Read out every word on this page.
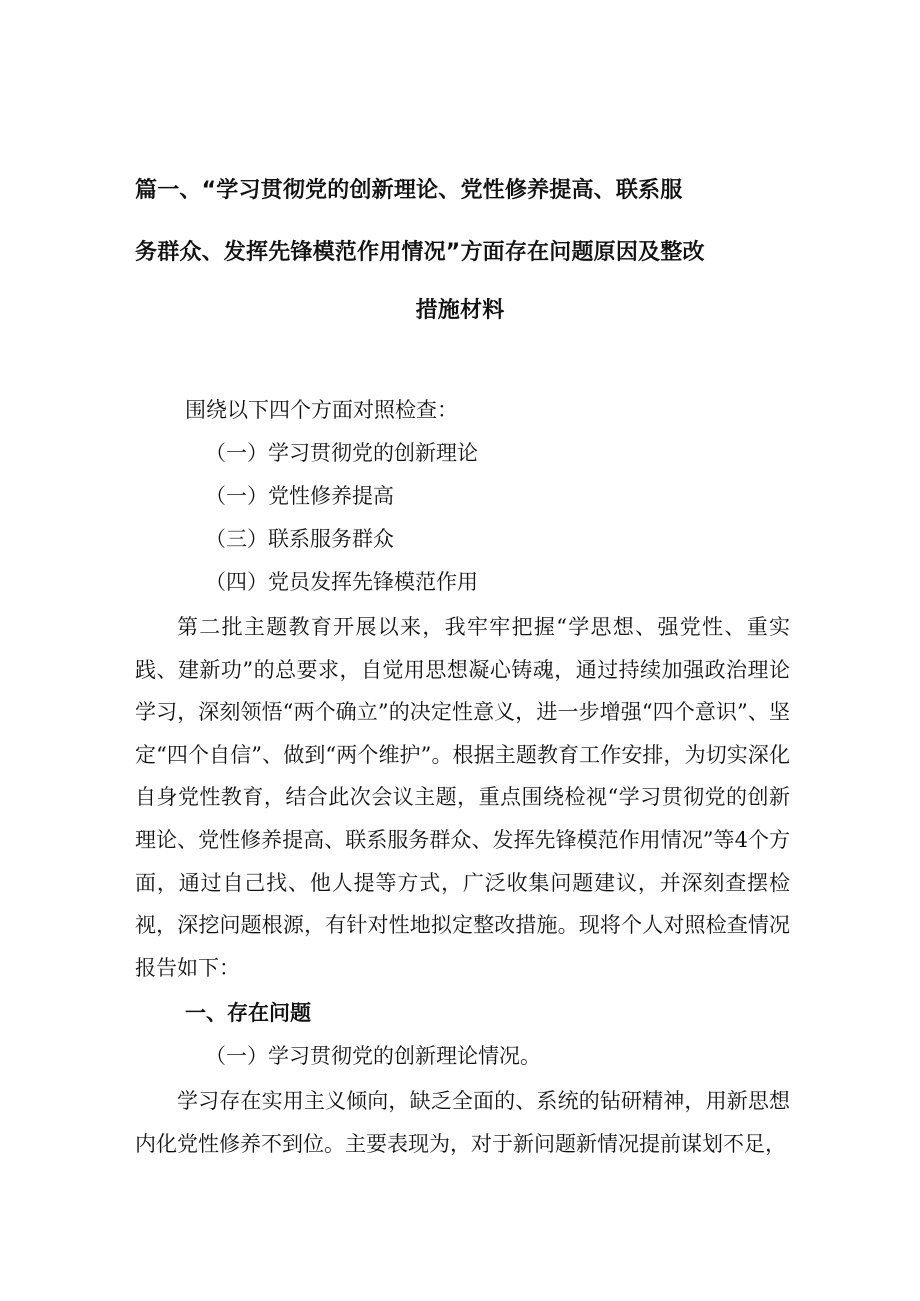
篇一、“学习贯彻党的创新理论、党性修养提高、联系服
务群众、发挥先锋模范作用情况”方面存在问题原因及整改
措施材料
围绕以下四个方面对照检查：
（一）学习贯彻党的创新理论
（一）党性修养提高
（三）联系服务群众
（四）党员发挥先锋模范作用

第二批主题教育开展以来，我牢牢把握“学思想、强党性、重实践、建新功”的总要求，自觉用思想凝心铸魂，通过持续加强政治理论学习，深刻领悟“两个确立”的决定性意义，进一步增强“四个意识”、坚定“四个自信”、做到“两个维护”。根据主题教育工作安排，为切实深化自身党性教育，结合此次会议主题，重点围绕检视“学习贯彻党的创新理论、党性修养提高、联系服务群众、发挥先锋模范作用情况”等4个方面，通过自己找、他人提等方式，广泛收集问题建议，并深刻查摆检视，深挖问题根源，有针对性地拟定整改措施。现将个人对照检查情况报告如下：

一、存在问题
（一）学习贯彻党的创新理论情况。

学习存在实用主义倾向，缺乏全面的、系统的钻研精神，用新思想内化党性修养不到位。主要表现为，对于新问题新情况提前谋划不足，
